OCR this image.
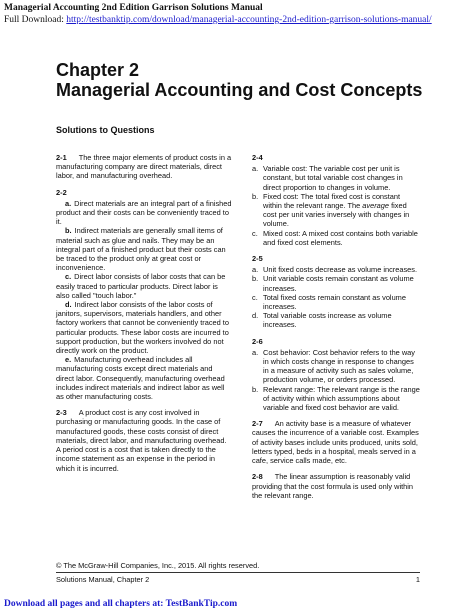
Managerial Accounting 2nd Edition Garrison Solutions Manual
Full Download: http://testbanktip.com/download/managerial-accounting-2nd-edition-garrison-solutions-manual/
Chapter 2
Managerial Accounting and Cost Concepts
Solutions to Questions
2-1 The three major elements of product costs in a manufacturing company are direct materials, direct labor, and manufacturing overhead.
2-2
a. Direct materials are an integral part of a finished product and their costs can be conveniently traced to it.
b. Indirect materials are generally small items of material such as glue and nails. They may be an integral part of a finished product but their costs can be traced to the product only at great cost or inconvenience.
c. Direct labor consists of labor costs that can be easily traced to particular products. Direct labor is also called "touch labor."
d. Indirect labor consists of the labor costs of janitors, supervisors, materials handlers, and other factory workers that cannot be conveniently traced to particular products. These labor costs are incurred to support production, but the workers involved do not directly work on the product.
e. Manufacturing overhead includes all manufacturing costs except direct materials and direct labor. Consequently, manufacturing overhead includes indirect materials and indirect labor as well as other manufacturing costs.
2-3 A product cost is any cost involved in purchasing or manufacturing goods. In the case of manufactured goods, these costs consist of direct materials, direct labor, and manufacturing overhead. A period cost is a cost that is taken directly to the income statement as an expense in the period in which it is incurred.
2-4
a. Variable cost: The variable cost per unit is constant, but total variable cost changes in direct proportion to changes in volume.
b. Fixed cost: The total fixed cost is constant within the relevant range. The average fixed cost per unit varies inversely with changes in volume.
c. Mixed cost: A mixed cost contains both variable and fixed cost elements.
2-5
a. Unit fixed costs decrease as volume increases.
b. Unit variable costs remain constant as volume increases.
c. Total fixed costs remain constant as volume increases.
d. Total variable costs increase as volume increases.
2-6
a. Cost behavior: Cost behavior refers to the way in which costs change in response to changes in a measure of activity such as sales volume, production volume, or orders processed.
b. Relevant range: The relevant range is the range of activity within which assumptions about variable and fixed cost behavior are valid.
2-7 An activity base is a measure of whatever causes the incurrence of a variable cost. Examples of activity bases include units produced, units sold, letters typed, beds in a hospital, meals served in a cafe, service calls made, etc.
2-8 The linear assumption is reasonably valid providing that the cost formula is used only within the relevant range.
© The McGraw-Hill Companies, Inc., 2015. All rights reserved.
Solutions Manual, Chapter 2	1
Download all pages and all chapters at: TestBankTip.com
